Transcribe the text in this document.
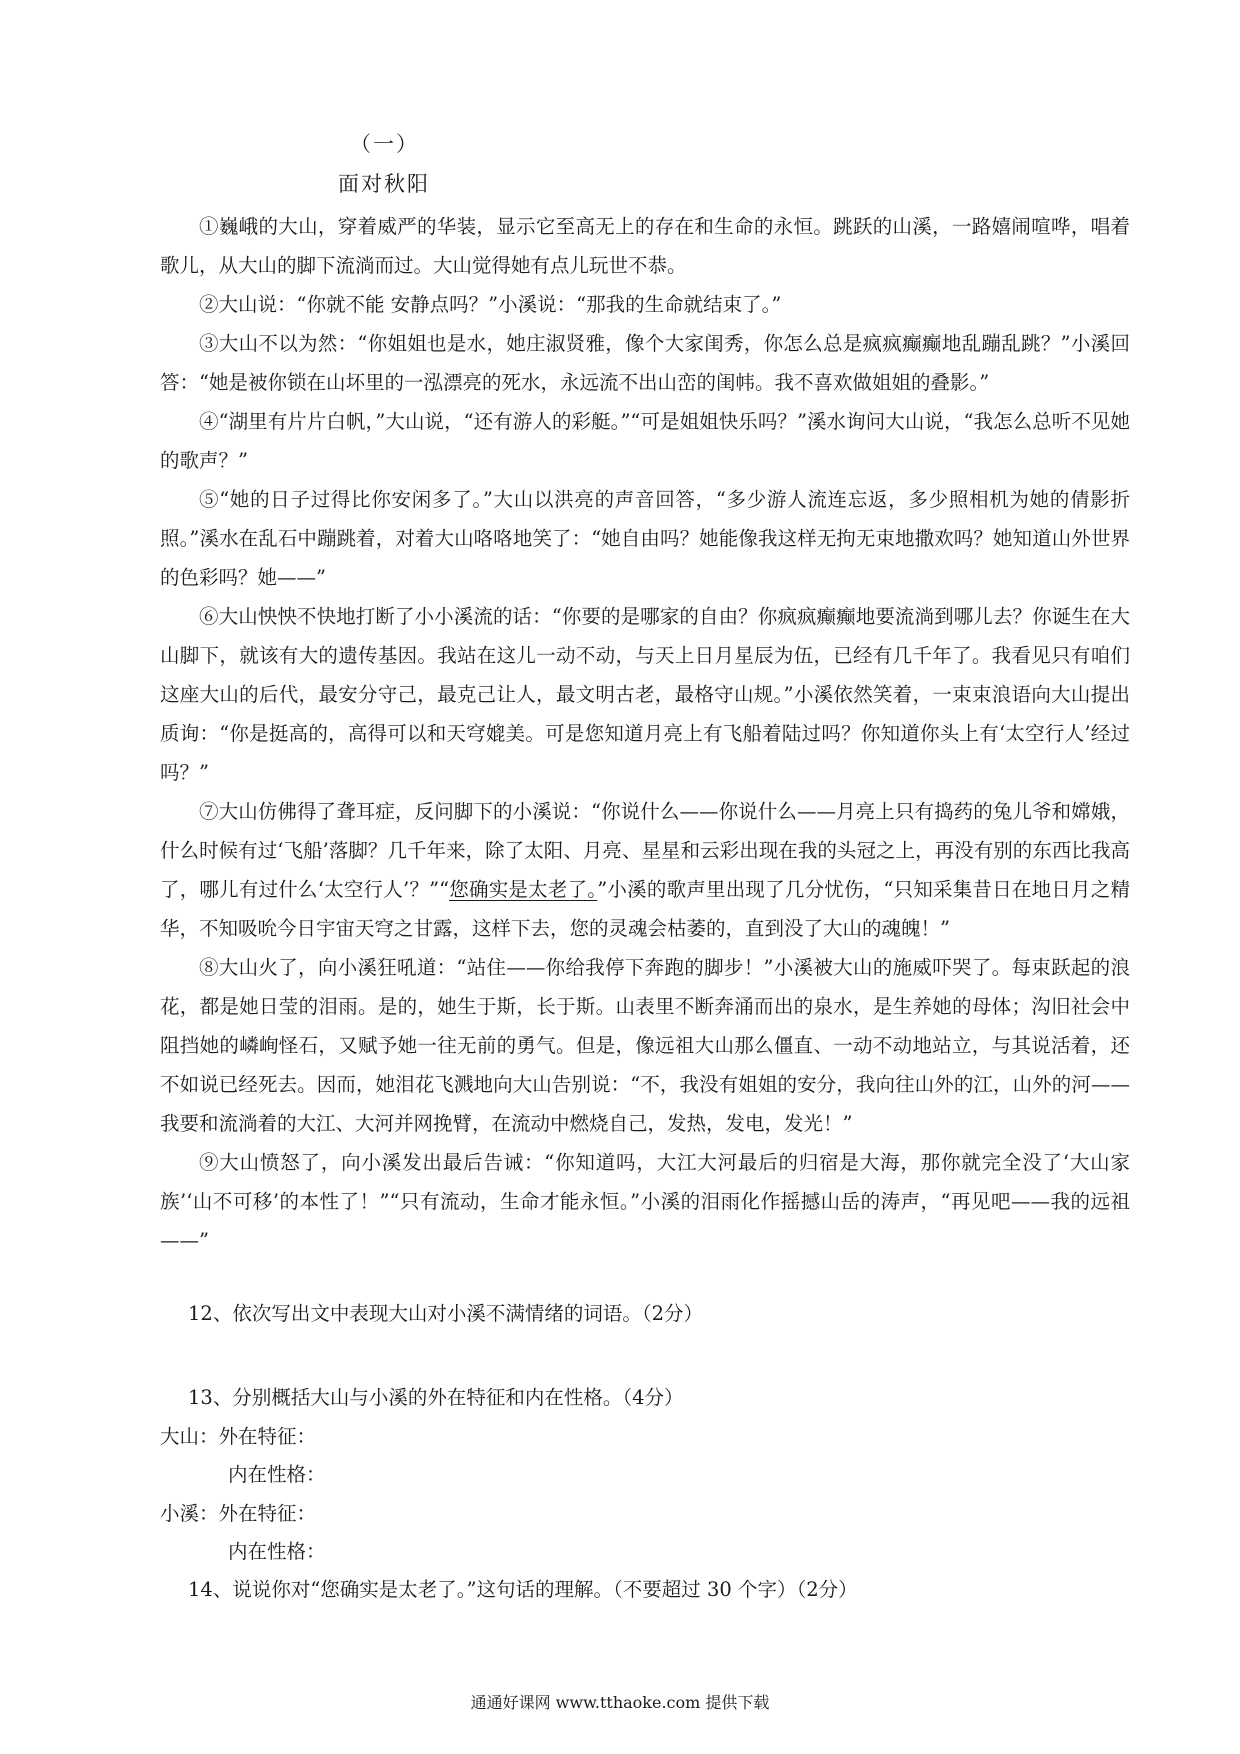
（一）
面对秋阳

①巍峨的大山，穿着威严的华装，显示它至高无上的存在和生命的永恒。跳跃的山溪，一路嬉闹喧哗，唱着歌儿，从大山的脚下流淌而过。大山觉得她有点儿玩世不恭。

②大山说：“你就不能 安静点吗？”小溪说：“那我的生命就结束了。”

③大山不以为然：“你姐姐也是水，她庄淑贤雅，像个大家闺秀，你怎么总是疯疯癫癫地乱蹦乱跳？”小溪回答：“她是被你锁在山坏里的一泓漂亮的死水，永远流不出山峦的闺帏。我不喜欢做姐姐的叠影。”

④“湖里有片片白帆，”大山说，“还有游人的彩艇。”“可是姐姐快乐吗？”溪水询问大山说，“我怎么总听不见她的歌声？”

⑤“她的日子过得比你安闲多了。”大山以洪亮的声音回答，“多少游人流连忘返，多少照相机为她的倩影折照。”溪水在乱石中蹦跳着，对着大山咯咯地笑了：“她自由吗？她能像我这样无拘无束地撒欢吗？她知道山外世界的色彩吗？她——”

⑥大山怏怏不快地打断了小小溪流的话：“你要的是哪家的自由？你疯疯癫癫地要流淌到哪儿去？你诞生在大山脚下，就该有大的遗传基因。我站在这儿一动不动，与天上日月星辰为伍，已经有几千年了。我看见只有咱们这座大山的后代，最安分守己，最克己让人，最文明古老，最格守山规。”小溪依然笑着，一束束浪语向大山提出质询：“你是挺高的，高得可以和天穹媲美。可是您知道月亮上有飞船着陆过吗？你知道你头上有‘太空行人’经过吗？”

⑦大山仿佛得了聋耳症，反问脚下的小溪说：“你说什么——你说什么——月亮上只有捣药的兔儿爷和嫦娥，什么时候有过‘飞船’落脚？几千年来，除了太阳、月亮、星星和云彩出现在我的头冠之上，再没有别的东西比我高了，哪儿有过什么‘太空行人’？”“您确实是太老了。”小溪的歌声里出现了几分忧伤，“只知采集昔日在地日月之精华，不知吸吮今日宇宙天穹之甘露，这样下去，您的灵魂会枯萎的，直到没了大山的魂魄！”

⑧大山火了，向小溪狂吼道：“站住——你给我停下奔跑的脚步！”小溪被大山的施威吓哭了。每束跃起的浪花，都是她日莹的泪雨。是的，她生于斯，长于斯。山表里不断奔涌而出的泉水，是生养她的母体；沟旧社会中阻挡她的嶙峋怪石，又赋予她一往无前的勇气。但是，像远祖大山那么僵直、一动不动地站立，与其说活着，还不如说已经死去。因而，她泪花飞溅地向大山告别说：“不，我没有姐姐的安分，我向往山外的江，山外的河——我要和流淌着的大江、大河并网挽臂，在流动中燃烧自己，发热，发电，发光！”

⑨大山愤怒了，向小溪发出最后告诫：“你知道吗，大江大河最后的归宿是大海，那你就完全没了‘大山家族’‘山不可移’的本性了！”“只有流动，生命才能永恒。”小溪的泪雨化作摇撼山岳的涛声，“再见吧——我的远祖——”

12、依次写出文中表现大山对小溪不满情绪的词语。（2分）
13、分别概括大山与小溪的外在特征和内在性格。（4分）
大山：外在特征：
内在性格：
小溪：外在特征：
内在性格：
14、说说你对“您确实是太老了。”这句话的理解。（不要超过 30 个字）（2分）
通通好课网 www.tthaoke.com 提供下载
